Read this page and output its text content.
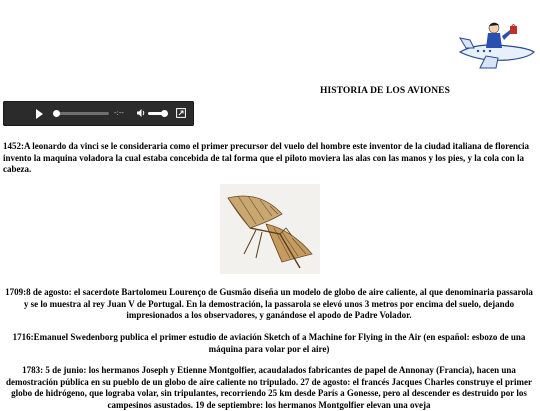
HISTORIA DE LOS AVIONES
-:--
1452:A leonardo da vinci se le consideraria como el primer precursor del vuelo del hombre este inventor de la ciudad italiana de florencia invento la maquina voladora la cual estaba concebida de tal forma que el piloto moviera las alas con las manos y los pies, y la cola con la cabeza.
1709:8 de agosto: el sacerdote Bartolomeu Lourenço de Gusmão diseña un modelo de globo de aire caliente, al que denominaria passarola y se lo muestra al rey Juan V de Portugal. En la demostración, la passarola se elevó unos 3 metros por encima del suelo, dejando impresionados a los observadores, y ganándose el apodo de Padre Volador.
1716:Emanuel Swedenborg publica el primer estudio de aviación Sketch of a Machine for Flying in the Air (en español: esbozo de una máquina para volar por el aire)
1783: 5 de junio: los hermanos Joseph y Etienne Montgolfier, acaudalados fabricantes de papel de Annonay (Francia), hacen una demostración pública en su pueblo de un globo de aire caliente no tripulado. 27 de agosto: el francés Jacques Charles construye el primer globo de hidrógeno, que lograba volar, sin tripulantes, recorriendo 25 km desde París a Gonesse, pero al descender es destruido por los campesinos asustados. 19 de septiembre: los hermanos Montgolfier elevan una oveja
